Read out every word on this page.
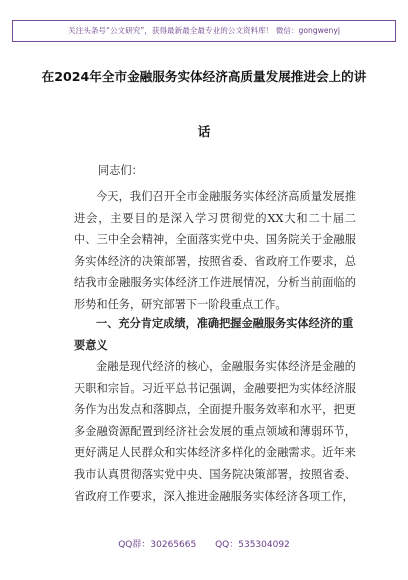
关注头条号“公文研究”，获得最新最全最专业的公文资料库！ 微信：gongwenyj
在2024年全市金融服务实体经济高质量发展推进会上的讲
话
同志们：

今天，我们召开全市金融服务实体经济高质量发展推进会，主要目的是深入学习贯彻党的XX大和二十届二中、三中全会精神，全面落实党中央、国务院关于金融服务实体经济的决策部署，按照省委、省政府工作要求，总结我市金融服务实体经济工作进展情况，分析当前面临的形势和任务，研究部署下一阶段重点工作。

一、充分肯定成绩，准确把握金融服务实体经济的重要意义

金融是现代经济的核心，金融服务实体经济是金融的天职和宗旨。习近平总书记强调，金融要把为实体经济服务作为出发点和落脚点，全面提升服务效率和水平，把更多金融资源配置到经济社会发展的重点领域和薄弱环节，更好满足人民群众和实体经济多样化的金融需求。近年来我市认真贯彻落实党中央、国务院决策部署，按照省委、省政府工作要求，深入推进金融服务实体经济各项工作，

QQ群：30265665 QQ：535304092
